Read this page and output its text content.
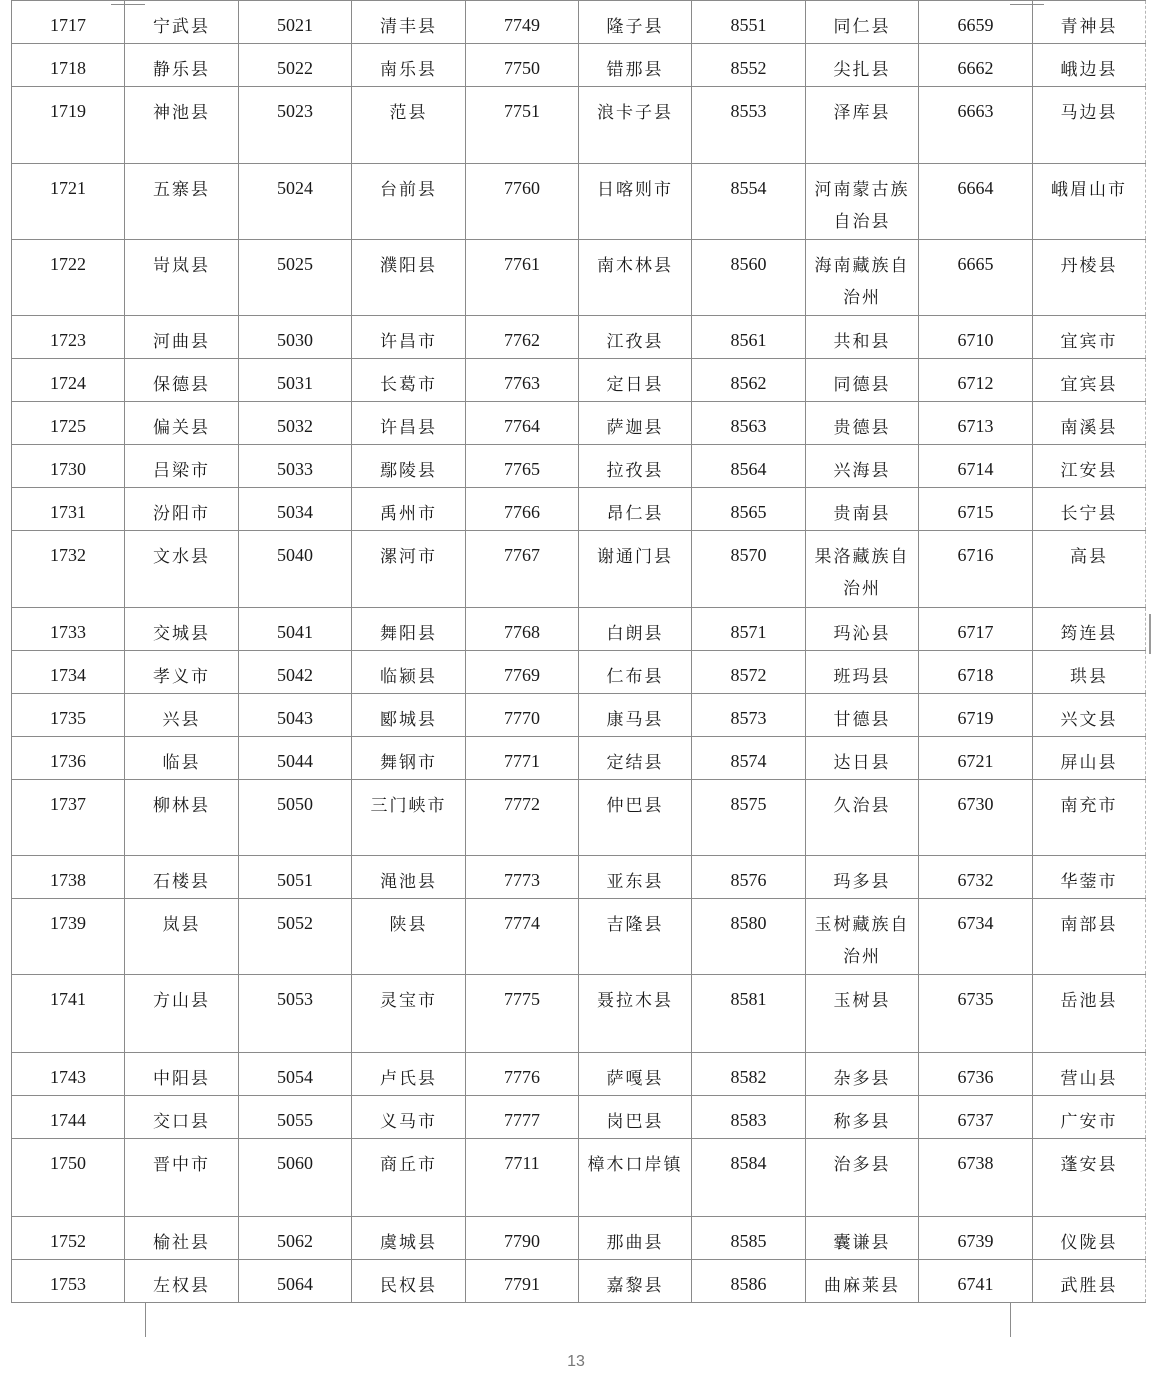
1717	宁武县	5021	清丰县	7749	隆子县	8551	同仁县	6659	青神县
1718	静乐县	5022	南乐县	7750	错那县	8552	尖扎县	6662	峨边县
1719	神池县	5023	范县	7751	浪卡子县	8553	泽库县	6663	马边县
1721	五寨县	5024	台前县	7760	日喀则市	8554	河南蒙古族自治县	6664	峨眉山市
1722	岢岚县	5025	濮阳县	7761	南木林县	8560	海南藏族自治州	6665	丹棱县
1723	河曲县	5030	许昌市	7762	江孜县	8561	共和县	6710	宜宾市
1724	保德县	5031	长葛市	7763	定日县	8562	同德县	6712	宜宾县
1725	偏关县	5032	许昌县	7764	萨迦县	8563	贵德县	6713	南溪县
1730	吕梁市	5033	鄢陵县	7765	拉孜县	8564	兴海县	6714	江安县
1731	汾阳市	5034	禹州市	7766	昂仁县	8565	贵南县	6715	长宁县
1732	文水县	5040	漯河市	7767	谢通门县	8570	果洛藏族自治州	6716	高县
1733	交城县	5041	舞阳县	7768	白朗县	8571	玛沁县	6717	筠连县
1734	孝义市	5042	临颍县	7769	仁布县	8572	班玛县	6718	珙县
1735	兴县	5043	郾城县	7770	康马县	8573	甘德县	6719	兴文县
1736	临县	5044	舞钢市	7771	定结县	8574	达日县	6721	屏山县
1737	柳林县	5050	三门峡市	7772	仲巴县	8575	久治县	6730	南充市
1738	石楼县	5051	渑池县	7773	亚东县	8576	玛多县	6732	华蓥市
1739	岚县	5052	陕县	7774	吉隆县	8580	玉树藏族自治州	6734	南部县
1741	方山县	5053	灵宝市	7775	聂拉木县	8581	玉树县	6735	岳池县
1743	中阳县	5054	卢氏县	7776	萨嘎县	8582	杂多县	6736	营山县
1744	交口县	5055	义马市	7777	岗巴县	8583	称多县	6737	广安市
1750	晋中市	5060	商丘市	7711	樟木口岸镇	8584	治多县	6738	蓬安县
1752	榆社县	5062	虞城县	7790	那曲县	8585	囊谦县	6739	仪陇县
1753	左权县	5064	民权县	7791	嘉黎县	8586	曲麻莱县	6741	武胜县
13
